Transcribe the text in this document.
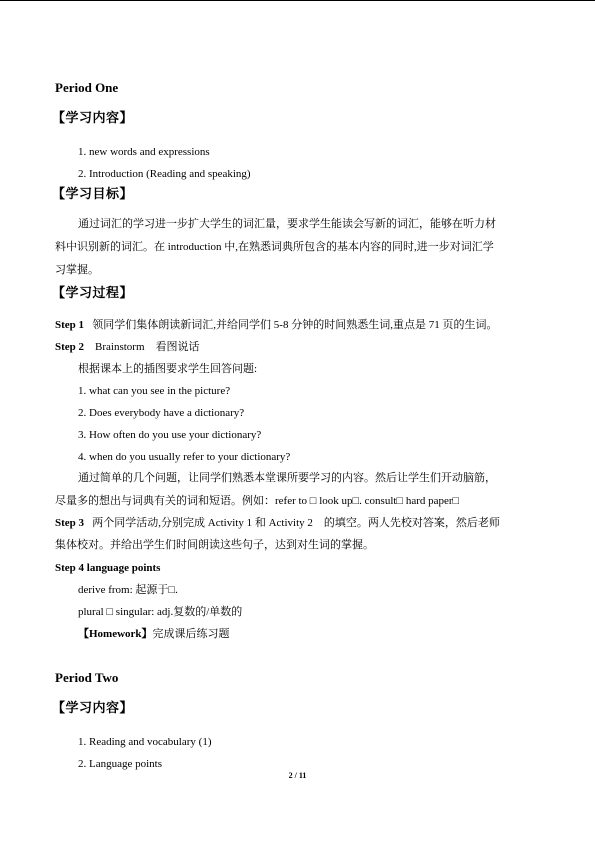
Period One
【学习内容】
1. new words and expressions
2. Introduction (Reading and speaking)
【学习目标】
通过词汇的学习进一步扩大学生的词汇量，要求学生能读会写新的词汇，能够在听力材
料中识别新的词汇。在 introduction 中,在熟悉词典所包含的基本内容的同时,进一步对词汇学
习掌握。
【学习过程】
Step 1 领同学们集体朗读新词汇,并给同学们 5-8 分钟的时间熟悉生词,重点是 71 页的生词。
Step 2 Brainstorm　看图说话
根据课本上的插图要求学生回答问题:
1. what can you see in the picture?
2. Does everybody have a dictionary?
3. How often do you use your dictionary?
4. when do you usually refer to your dictionary?
通过简单的几个问题，让同学们熟悉本堂课所要学习的内容。然后让学生们开动脑筋，
尽量多的想出与词典有关的词和短语。例如：refer to □ look up□. consult□ hard paper□
Step 3 两个同学活动,分别完成 Activity 1 和 Activity 2　的填空。两人先校对答案，然后老师
集体校对。并给出学生们时间朗读这些句子，达到对生词的掌握。
Step 4 language points
derive from: 起源于□.
plural □ singular: adj.复数的/单数的
【Homework】完成课后练习题
Period Two
【学习内容】
1. Reading and vocabulary (1)
2. Language points
2 / 11
